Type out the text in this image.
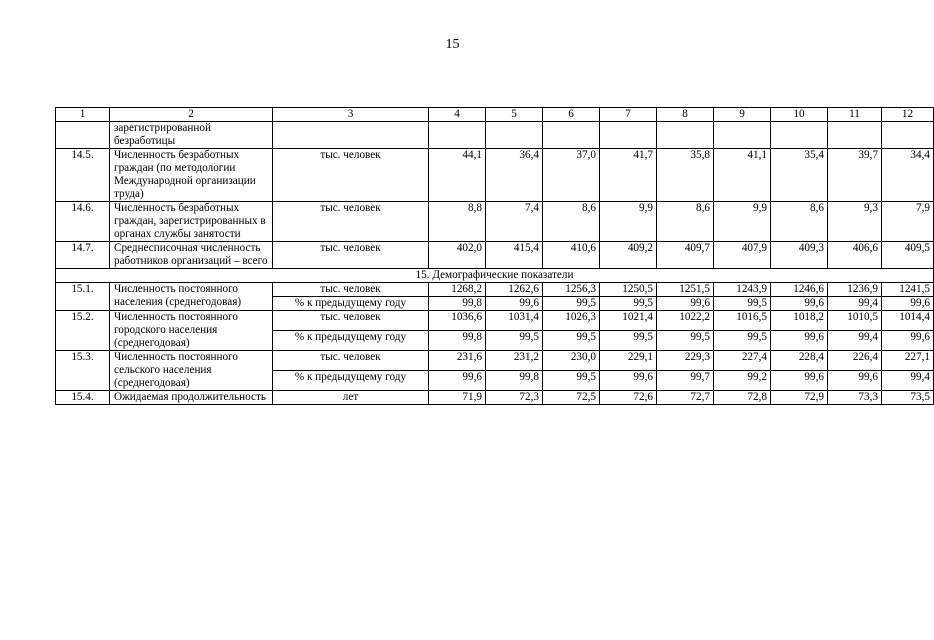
15
1	2	3	4	5	6	7	8	9	10	11	12
	зарегистрированной безработицы										
14.5.	Численность безработных граждан (по методологии Международной организации труда)	тыс. человек	44,1	36,4	37,0	41,7	35,8	41,1	35,4	39,7	34,4
14.6.	Численность безработных граждан, зарегистрированных в органах службы занятости	тыс. человек	8,8	7,4	8,6	9,9	8,6	9,9	8,6	9,3	7,9
14.7.	Среднесписочная численность работников организаций – всего	тыс. человек	402,0	415,4	410,6	409,2	409,7	407,9	409,3	406,6	409,5
15. Демографические показатели											
15.1.	Численность постоянного населения (среднегодовая)	тыс. человек	1268,2	1262,6	1256,3	1250,5	1251,5	1243,9	1246,6	1236,9	1241,5
		% к предыдущему году	99,8	99,6	99,5	99,5	99,6	99,5	99,6	99,4	99,6
15.2.	Численность постоянного городского населения (среднегодовая)	тыс. человек	1036,6	1031,4	1026,3	1021,4	1022,2	1016,5	1018,2	1010,5	1014,4
		% к предыдущему году	99,8	99,5	99,5	99,5	99,5	99,5	99,6	99,4	99,6
15.3.	Численность постоянного сельского населения (среднегодовая)	тыс. человек	231,6	231,2	230,0	229,1	229,3	227,4	228,4	226,4	227,1
		% к предыдущему году	99,6	99,8	99,5	99,6	99,7	99,2	99,6	99,6	99,4
15.4.	Ожидаемая продолжительность	лет	71,9	72,3	72,5	72,6	72,7	72,8	72,9	73,3	73,5
